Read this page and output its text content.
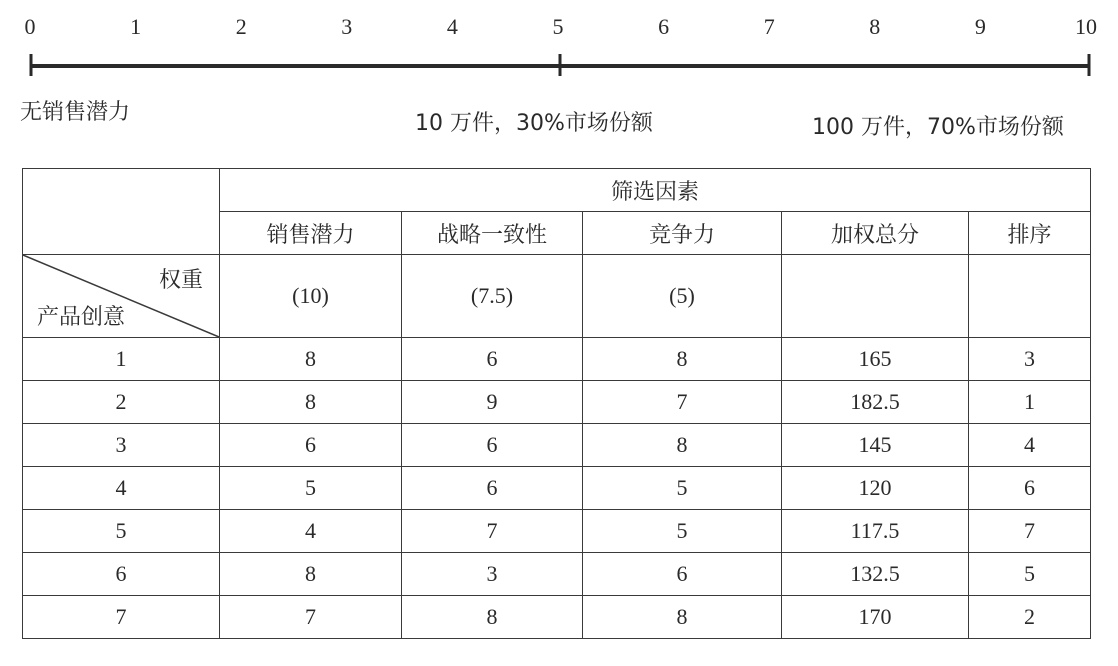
0	1	2	3	4	5	6	7	8	9	10
无销售潜力	10 万件，30%市场份额	100 万件，70%市场份额
	筛选因素				
	销售潜力	战略一致性	竞争力	加权总分	排序

权重
产品创意	(10)	(7.5)	(5)		
1	8	6	8	165	3
2	8	9	7	182.5	1
3	6	6	8	145	4
4	5	6	5	120	6
5	4	7	5	117.5	7
6	8	3	6	132.5	5
7	7	8	8	170	2
